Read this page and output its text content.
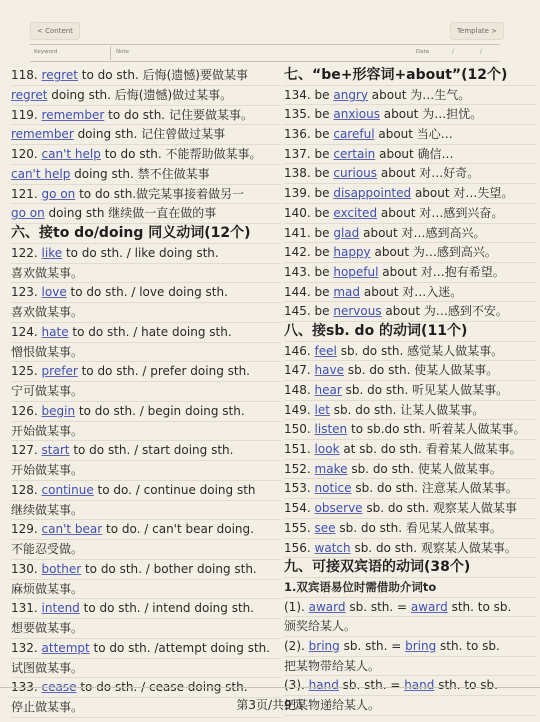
< Content	Template >
Keyword	Note	Date	/	/
118. regret to do sth. 后悔(遗憾)要做某事
regret doing sth. 后悔(遗憾)做过某事。
119. remember to do sth. 记住要做某事。
remember doing sth. 记住曾做过某事
120. can't help to do sth. 不能帮助做某事。
can't help doing sth. 禁不住做某事
121. go on to do sth.做完某事接着做另一
go on doing sth 继续做一直在做的事
六、接to do/doing 同义动词(12个)
122. like to do sth. / like doing sth.
喜欢做某事。
123. love to do sth. / love doing sth.
喜欢做某事。
124. hate to do sth. / hate doing sth.
憎恨做某事。
125. prefer to do sth. / prefer doing sth.
宁可做某事。
126. begin to do sth. / begin doing sth.
开始做某事。
127. start to do sth. / start doing sth.
开始做某事。
128. continue to do. / continue doing sth
继续做某事。
129. can't bear to do. / can't bear doing.
不能忍受做。
130. bother to do sth. / bother doing sth.
麻烦做某事。
131. intend to do sth. / intend doing sth.
想要做某事。
132. attempt to do sth. /attempt doing sth.
试图做某事。
133. cease to do sth. / cease doing sth.
停止做某事。
七、“be+形容词+about”(12个)
134. be angry about 为…生气。
135. be anxious about 为…担忧。
136. be careful about 当心…
137. be certain about 确信…
138. be curious about 对…好奇。
139. be disappointed about 对…失望。
140. be excited about 对…感到兴奋。
141. be glad about 对…感到高兴。
142. be happy about 为…感到高兴。
143. be hopeful about 对…抱有希望。
144. be mad about 对…入迷。
145. be nervous about 为…感到不安。
八、接sb. do 的动词(11个)
146. feel sb. do sth. 感觉某人做某事。
147. have sb. do sth. 使某人做某事。
148. hear sb. do sth. 听见某人做某事。
149. let sb. do sth. 让某人做某事。
150. listen to sb.do sth. 听着某人做某事。
151. look at sb. do sth. 看着某人做某事。
152. make sb. do sth. 使某人做某事。
153. notice sb. do sth. 注意某人做某事。
154. observe sb. do sth. 观察某人做某事
155. see sb. do sth. 看见某人做某事。
156. watch sb. do sth. 观察某人做某事。
九、可接双宾语的动词(38个)
1.双宾语易位时需借助介词to
(1). award sb. sth. = award sth. to sb.
颁奖给某人。
(2). bring sb. sth. = bring sth. to sb.
把某物带给某人。
(3). hand sb. sth. = hand sth. to sb.
把某物递给某人。
第3页/共9页
